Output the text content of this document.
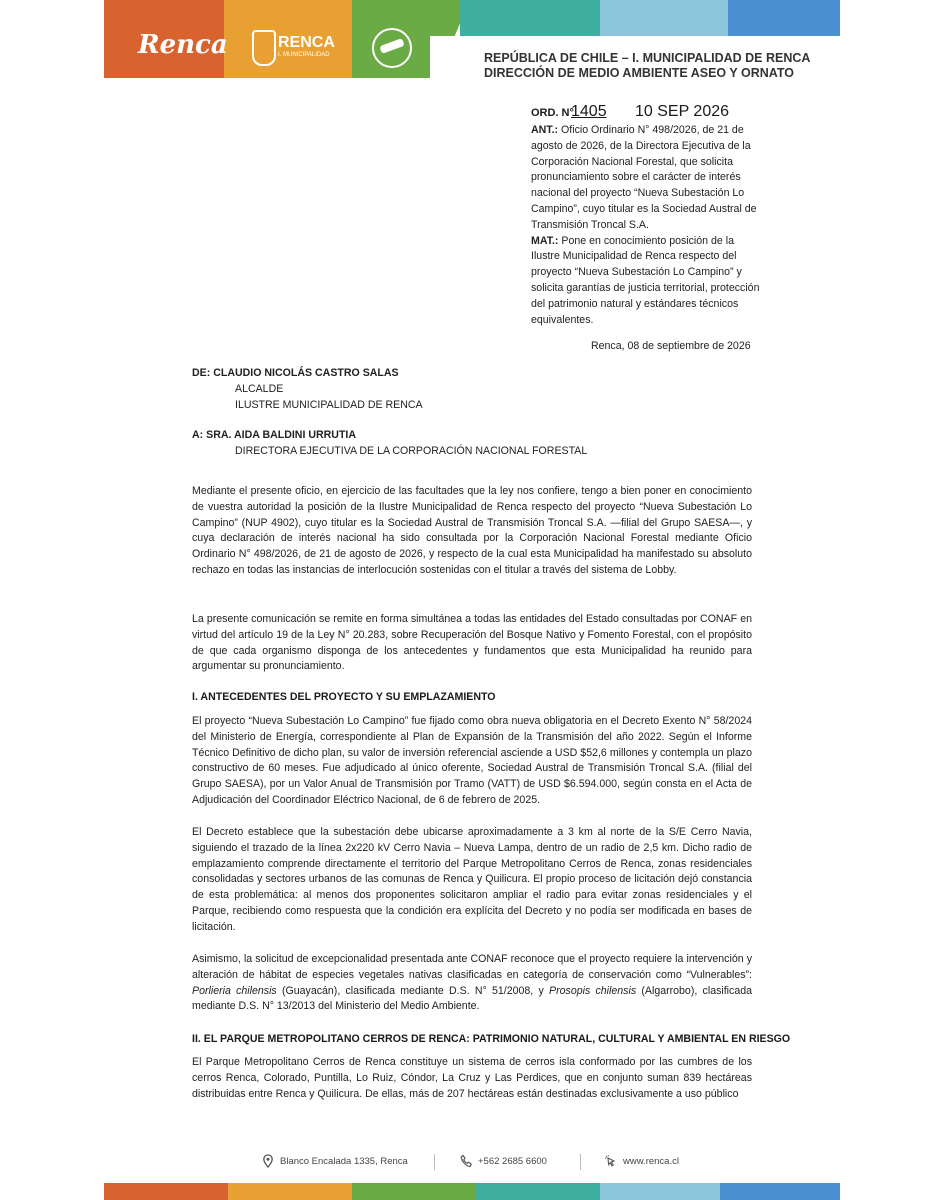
Renca	RENCA
I. MUNICIPALIDAD	REPÚBLICA DE CHILE – I. MUNICIPALIDAD DE RENCA
DIRECCIÓN DE MEDIO AMBIENTE ASEO Y ORNATO
ORD. N°:
1405 10 SEP 2026
ANT.: Oficio Ordinario N° 498/2026, de 21 de agosto de 2026, de la Directora Ejecutiva de la Corporación Nacional Forestal, que solicita pronunciamiento sobre el carácter de interés nacional del proyecto “Nueva Subestación Lo Campino”, cuyo titular es la Sociedad Austral de Transmisión Troncal S.A.
MAT.: Pone en conocimiento posición de la Ilustre Municipalidad de Renca respecto del proyecto “Nueva Subestación Lo Campino” y solicita garantías de justicia territorial, protección del patrimonio natural y estándares técnicos equivalentes.
Renca, 08 de septiembre de 2026
DE: CLAUDIO NICOLÁS CASTRO SALAS
ALCALDE
ILUSTRE MUNICIPALIDAD DE RENCA
A: SRA. AIDA BALDINI URRUTIA
DIRECTORA EJECUTIVA DE LA CORPORACIÓN NACIONAL FORESTAL
Mediante el presente oficio, en ejercicio de las facultades que la ley nos confiere, tengo a bien poner en conocimiento de vuestra autoridad la posición de la Ilustre Municipalidad de Renca respecto del proyecto “Nueva Subestación Lo Campino” (NUP 4902), cuyo titular es la Sociedad Austral de Transmisión Troncal S.A. —filial del Grupo SAESA—, y cuya declaración de interés nacional ha sido consultada por la Corporación Nacional Forestal mediante Oficio Ordinario N° 498/2026, de 21 de agosto de 2026, y respecto de la cual esta Municipalidad ha manifestado su absoluto rechazo en todas las instancias de interlocución sostenidas con el titular a través del sistema de Lobby.
La presente comunicación se remite en forma simultánea a todas las entidades del Estado consultadas por CONAF en virtud del artículo 19 de la Ley N° 20.283, sobre Recuperación del Bosque Nativo y Fomento Forestal, con el propósito de que cada organismo disponga de los antecedentes y fundamentos que esta Municipalidad ha reunido para argumentar su pronunciamiento.
I. ANTECEDENTES DEL PROYECTO Y SU EMPLAZAMIENTO
El proyecto “Nueva Subestación Lo Campino” fue fijado como obra nueva obligatoria en el Decreto Exento N° 58/2024 del Ministerio de Energía, correspondiente al Plan de Expansión de la Transmisión del año 2022. Según el Informe Técnico Definitivo de dicho plan, su valor de inversión referencial asciende a USD $52,6 millones y contempla un plazo constructivo de 60 meses. Fue adjudicado al único oferente, Sociedad Austral de Transmisión Troncal S.A. (filial del Grupo SAESA), por un Valor Anual de Transmisión por Tramo (VATT) de USD $6.594.000, según consta en el Acta de Adjudicación del Coordinador Eléctrico Nacional, de 6 de febrero de 2025.
El Decreto establece que la subestación debe ubicarse aproximadamente a 3 km al norte de la S/E Cerro Navia, siguiendo el trazado de la línea 2x220 kV Cerro Navia – Nueva Lampa, dentro de un radio de 2,5 km. Dicho radio de emplazamiento comprende directamente el territorio del Parque Metropolitano Cerros de Renca, zonas residenciales consolidadas y sectores urbanos de las comunas de Renca y Quilicura. El propio proceso de licitación dejó constancia de esta problemática: al menos dos proponentes solicitaron ampliar el radio para evitar zonas residenciales y el Parque, recibiendo como respuesta que la condición era explícita del Decreto y no podía ser modificada en bases de licitación.
Asimismo, la solicitud de excepcionalidad presentada ante CONAF reconoce que el proyecto requiere la intervención y alteración de hábitat de especies vegetales nativas clasificadas en categoría de conservación como “Vulnerables”: Porlieria chilensis (Guayacán), clasificada mediante D.S. N° 51/2008, y Prosopis chilensis (Algarrobo), clasificada mediante D.S. N° 13/2013 del Ministerio del Medio Ambiente.
II. EL PARQUE METROPOLITANO CERROS DE RENCA: PATRIMONIO NATURAL, CULTURAL Y AMBIENTAL EN RIESGO
El Parque Metropolitano Cerros de Renca constituye un sistema de cerros isla conformado por las cumbres de los cerros Renca, Colorado, Puntilla, Lo Ruiz, Cóndor, La Cruz y Las Perdices, que en conjunto suman 839 hectáreas distribuidas entre Renca y Quilicura. De ellas, más de 207 hectáreas están destinadas exclusivamente a uso público
Blanco Encalada 1335, Renca	+562 2685 6600	www.renca.cl
